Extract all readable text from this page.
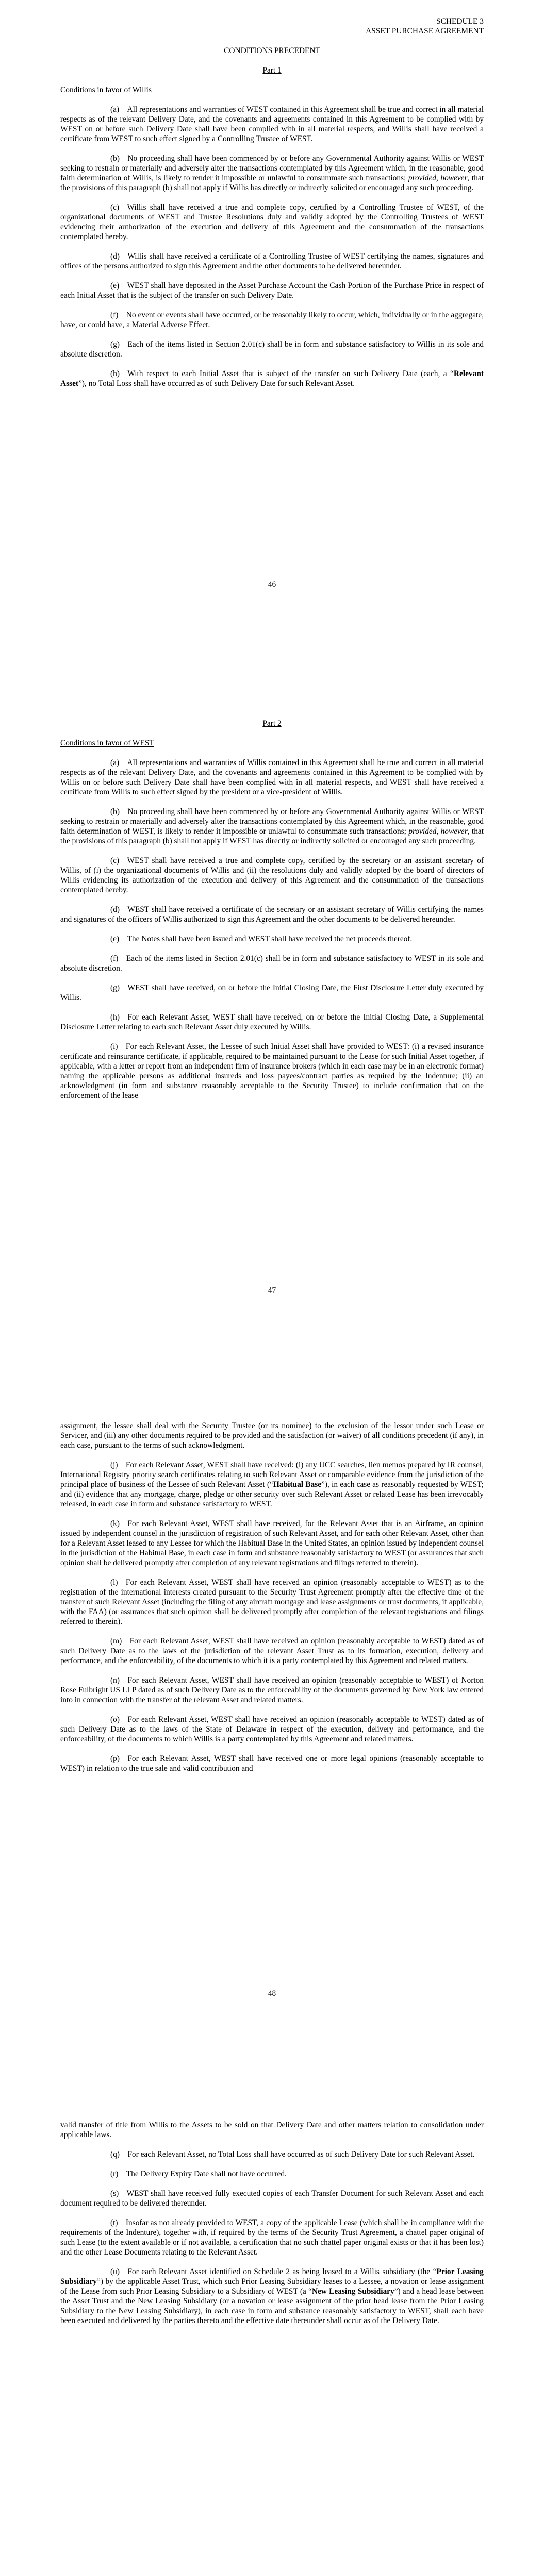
SCHEDULE 3
ASSET PURCHASE AGREEMENT
CONDITIONS PRECEDENT
Part 1
Conditions in favor of Willis

(a) All representations and warranties of WEST contained in this Agreement shall be true and correct in all material respects as of the relevant Delivery Date, and the covenants and agreements contained in this Agreement to be complied with by WEST on or before such Delivery Date shall have been complied with in all material respects, and Willis shall have received a certificate from WEST to such effect signed by a Controlling Trustee of WEST.

(b) No proceeding shall have been commenced by or before any Governmental Authority against Willis or WEST seeking to restrain or materially and adversely alter the transactions contemplated by this Agreement which, in the reasonable, good faith determination of Willis, is likely to render it impossible or unlawful to consummate such transactions; provided, however, that the provisions of this paragraph (b) shall not apply if Willis has directly or indirectly solicited or encouraged any such proceeding.

(c) Willis shall have received a true and complete copy, certified by a Controlling Trustee of WEST, of the organizational documents of WEST and Trustee Resolutions duly and validly adopted by the Controlling Trustees of WEST evidencing their authorization of the execution and delivery of this Agreement and the consummation of the transactions contemplated hereby.

(d) Willis shall have received a certificate of a Controlling Trustee of WEST certifying the names, signatures and offices of the persons authorized to sign this Agreement and the other documents to be delivered hereunder.

(e) WEST shall have deposited in the Asset Purchase Account the Cash Portion of the Purchase Price in respect of each Initial Asset that is the subject of the transfer on such Delivery Date.

(f) No event or events shall have occurred, or be reasonably likely to occur, which, individually or in the aggregate, have, or could have, a Material Adverse Effect.

(g) Each of the items listed in Section 2.01(c) shall be in form and substance satisfactory to Willis in its sole and absolute discretion.

(h) With respect to each Initial Asset that is subject of the transfer on such Delivery Date (each, a “Relevant Asset”), no Total Loss shall have occurred as of such Delivery Date for such Relevant Asset.

46
Part 2
Conditions in favor of WEST

(a) All representations and warranties of Willis contained in this Agreement shall be true and correct in all material respects as of the relevant Delivery Date, and the covenants and agreements contained in this Agreement to be complied with by Willis on or before such Delivery Date shall have been complied with in all material respects, and WEST shall have received a certificate from Willis to such effect signed by the president or a vice-president of Willis.

(b) No proceeding shall have been commenced by or before any Governmental Authority against Willis or WEST seeking to restrain or materially and adversely alter the transactions contemplated by this Agreement which, in the reasonable, good faith determination of WEST, is likely to render it impossible or unlawful to consummate such transactions; provided, however, that the provisions of this paragraph (b) shall not apply if WEST has directly or indirectly solicited or encouraged any such proceeding.

(c) WEST shall have received a true and complete copy, certified by the secretary or an assistant secretary of Willis, of (i) the organizational documents of Willis and (ii) the resolutions duly and validly adopted by the board of directors of Willis evidencing its authorization of the execution and delivery of this Agreement and the consummation of the transactions contemplated hereby.

(d) WEST shall have received a certificate of the secretary or an assistant secretary of Willis certifying the names and signatures of the officers of Willis authorized to sign this Agreement and the other documents to be delivered hereunder.

(e) The Notes shall have been issued and WEST shall have received the net proceeds thereof.

(f) Each of the items listed in Section 2.01(c) shall be in form and substance satisfactory to WEST in its sole and absolute discretion.

(g) WEST shall have received, on or before the Initial Closing Date, the First Disclosure Letter duly executed by Willis.

(h) For each Relevant Asset, WEST shall have received, on or before the Initial Closing Date, a Supplemental Disclosure Letter relating to each such Relevant Asset duly executed by Willis.

(i) For each Relevant Asset, the Lessee of such Initial Asset shall have provided to WEST: (i) a revised insurance certificate and reinsurance certificate, if applicable, required to be maintained pursuant to the Lease for such Initial Asset together, if applicable, with a letter or report from an independent firm of insurance brokers (which in each case may be in an electronic format) naming the applicable persons as additional insureds and loss payees/contract parties as required by the Indenture; (ii) an acknowledgment (in form and substance reasonably acceptable to the Security Trustee) to include confirmation that on the enforcement of the lease

47

assignment, the lessee shall deal with the Security Trustee (or its nominee) to the exclusion of the lessor under such Lease or Servicer, and (iii) any other documents required to be provided and the satisfaction (or waiver) of all conditions precedent (if any), in each case, pursuant to the terms of such acknowledgment.

(j) For each Relevant Asset, WEST shall have received: (i) any UCC searches, lien memos prepared by IR counsel, International Registry priority search certificates relating to such Relevant Asset or comparable evidence from the jurisdiction of the principal place of business of the Lessee of such Relevant Asset (“Habitual Base”), in each case as reasonably requested by WEST; and (ii) evidence that any mortgage, charge, pledge or other security over such Relevant Asset or related Lease has been irrevocably released, in each case in form and substance satisfactory to WEST.

(k) For each Relevant Asset, WEST shall have received, for the Relevant Asset that is an Airframe, an opinion issued by independent counsel in the jurisdiction of registration of such Relevant Asset, and for each other Relevant Asset, other than for a Relevant Asset leased to any Lessee for which the Habitual Base in the United States, an opinion issued by independent counsel in the jurisdiction of the Habitual Base, in each case in form and substance reasonably satisfactory to WEST (or assurances that such opinion shall be delivered promptly after completion of any relevant registrations and filings referred to therein).

(l) For each Relevant Asset, WEST shall have received an opinion (reasonably acceptable to WEST) as to the registration of the international interests created pursuant to the Security Trust Agreement promptly after the effective time of the transfer of such Relevant Asset (including the filing of any aircraft mortgage and lease assignments or trust documents, if applicable, with the FAA) (or assurances that such opinion shall be delivered promptly after completion of the relevant registrations and filings referred to therein).

(m) For each Relevant Asset, WEST shall have received an opinion (reasonably acceptable to WEST) dated as of such Delivery Date as to the laws of the jurisdiction of the relevant Asset Trust as to its formation, execution, delivery and performance, and the enforceability, of the documents to which it is a party contemplated by this Agreement and related matters.

(n) For each Relevant Asset, WEST shall have received an opinion (reasonably acceptable to WEST) of Norton Rose Fulbright US LLP dated as of such Delivery Date as to the enforceability of the documents governed by New York law entered into in connection with the transfer of the relevant Asset and related matters.

(o) For each Relevant Asset, WEST shall have received an opinion (reasonably acceptable to WEST) dated as of such Delivery Date as to the laws of the State of Delaware in respect of the execution, delivery and performance, and the enforceability, of the documents to which Willis is a party contemplated by this Agreement and related matters.

(p) For each Relevant Asset, WEST shall have received one or more legal opinions (reasonably acceptable to WEST) in relation to the true sale and valid contribution and

48

valid transfer of title from Willis to the Assets to be sold on that Delivery Date and other matters relation to consolidation under applicable laws.

(q) For each Relevant Asset, no Total Loss shall have occurred as of such Delivery Date for such Relevant Asset.

(r) The Delivery Expiry Date shall not have occurred.

(s) WEST shall have received fully executed copies of each Transfer Document for such Relevant Asset and each document required to be delivered thereunder.

(t) Insofar as not already provided to WEST, a copy of the applicable Lease (which shall be in compliance with the requirements of the Indenture), together with, if required by the terms of the Security Trust Agreement, a chattel paper original of such Lease (to the extent available or if not available, a certification that no such chattel paper original exists or that it has been lost) and the other Lease Documents relating to the Relevant Asset.

(u) For each Relevant Asset identified on Schedule 2 as being leased to a Willis subsidiary (the “Prior Leasing Subsidiary”) by the applicable Asset Trust, which such Prior Leasing Subsidiary leases to a Lessee, a novation or lease assignment of the Lease from such Prior Leasing Subsidiary to a Subsidiary of WEST (a “New Leasing Subsidiary”) and a head lease between the Asset Trust and the New Leasing Subsidiary (or a novation or lease assignment of the prior head lease from the Prior Leasing Subsidiary to the New Leasing Subsidiary), in each case in form and substance reasonably satisfactory to WEST, shall each have been executed and delivered by the parties thereto and the effective date thereunder shall occur as of the Delivery Date.
